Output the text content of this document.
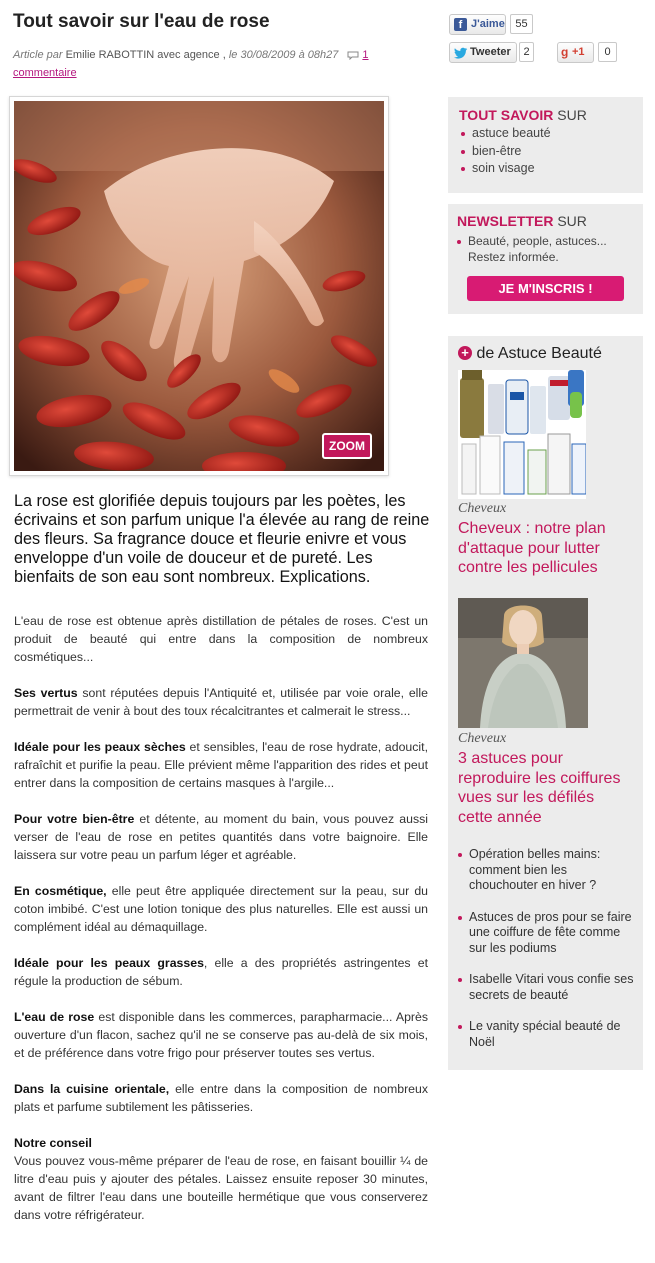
Tout savoir sur l'eau de rose
Article par Emilie RABOTTIN avec agence , le 30/08/2009 à 08h27 1 commentaire
ZOOM

La rose est glorifiée depuis toujours par les poètes, les écrivains et son parfum unique l'a élevée au rang de reine des fleurs. Sa fragrance douce et fleurie enivre et vous enveloppe d'un voile de douceur et de pureté. Les bienfaits de son eau sont nombreux. Explications.

L'eau de rose est obtenue après distillation de pétales de roses. C'est un produit de beauté qui entre dans la composition de nombreux cosmétiques...

Ses vertus sont réputées depuis l'Antiquité et, utilisée par voie orale, elle permettrait de venir à bout des toux récalcitrantes et calmerait le stress...

Idéale pour les peaux sèches et sensibles, l'eau de rose hydrate, adoucit, rafraîchit et purifie la peau. Elle prévient même l'apparition des rides et peut entrer dans la composition de certains masques à l'argile...

Pour votre bien-être et détente, au moment du bain, vous pouvez aussi verser de l'eau de rose en petites quantités dans votre baignoire. Elle laissera sur votre peau un parfum léger et agréable.

En cosmétique, elle peut être appliquée directement sur la peau, sur du coton imbibé. C'est une lotion tonique des plus naturelles. Elle est aussi un complément idéal au démaquillage.

Idéale pour les peaux grasses, elle a des propriétés astringentes et régule la production de sébum.

L'eau de rose est disponible dans les commerces, parapharmacie... Après ouverture d'un flacon, sachez qu'il ne se conserve pas au-delà de six mois, et de préférence dans votre frigo pour préserver toutes ses vertus.

Dans la cuisine orientale, elle entre dans la composition de nombreux plats et parfume subtilement les pâtisseries.

Notre conseil
Vous pouvez vous-même préparer de l'eau de rose, en faisant bouillir ¼ de litre d'eau puis y ajouter des pétales. Laissez ensuite reposer 30 minutes, avant de filtrer l'eau dans une bouteille hermétique que vous conserverez dans votre réfrigérateur.

f J'aime 55
Tweeter	2	g +1	0
TOUT SAVOIR SUR
astuce beauté
bien-être
soin visage
NEWSLETTER SUR
Beauté, people, astuces...
Restez informée.
JE M'INSCRIS !
+ de Astuce Beauté
Cheveux
Cheveux : notre plan d'attaque pour lutter contre les pellicules
Cheveux
3 astuces pour reproduire les coiffures vues sur les défilés cette année
Opération belles mains: comment bien les chouchouter en hiver ?
Astuces de pros pour se faire une coiffure de fête comme sur les podiums
Isabelle Vitari vous confie ses secrets de beauté
Le vanity spécial beauté de Noël
